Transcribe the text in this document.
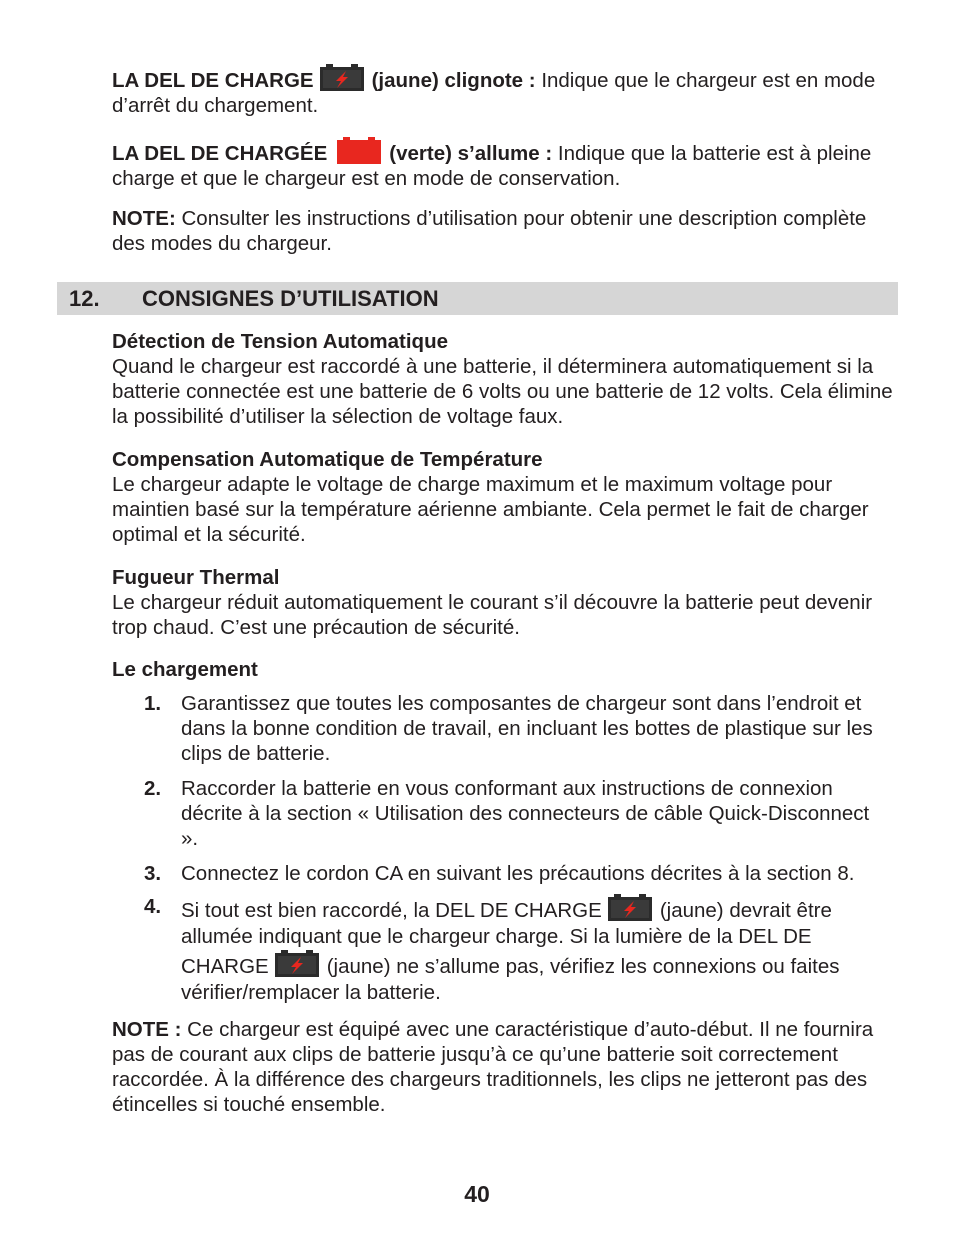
LA DEL DE CHARGE	(jaune) clignote : Indique que le chargeur est en mode d’arrêt du chargement.

LA DEL DE CHARGÉE	(verte) s’allume : Indique que la batterie est à pleine charge et que le chargeur est en mode de conservation.

NOTE: Consulter les instructions d’utilisation pour obtenir une description complète des modes du chargeur.

12. CONSIGNES D’UTILISATION

Détection de Tension Automatique

Quand le chargeur est raccordé à une batterie, il déterminera automatiquement si la batterie connectée est une batterie de 6 volts ou une batterie de 12 volts. Cela élimine la possibilité d’utiliser la sélection de voltage faux.

Compensation Automatique de Température

Le chargeur adapte le voltage de charge maximum et le maximum voltage pour maintien basé sur la température aérienne ambiante. Cela permet le fait de charger optimal et la sécurité.

Fugueur Thermal

Le chargeur réduit automatiquement le courant s’il découvre la batterie peut devenir trop chaud. C’est une précaution de sécurité.

Le chargement

1. Garantissez que toutes les composantes de chargeur sont dans l’endroit et dans la bonne condition de travail, en incluant les bottes de plastique sur les clips de batterie.
2. Raccorder la batterie en vous conformant aux instructions de connexion décrite à la section « Utilisation des connecteurs de câble Quick-Disconnect ».
3. Connectez le cordon CA en suivant les précautions décrites à la section 8.
4. Si tout est bien raccordé, la DEL DE CHARGE	(jaune) devrait être allumée indiquant que le chargeur charge. Si la lumière de la DEL DE CHARGE	(jaune) ne s’allume pas, vérifiez les connexions ou faites vérifier/remplacer la batterie.

NOTE : Ce chargeur est équipé avec une caractéristique d’auto-début. Il ne fournira pas de courant aux clips de batterie jusqu’à ce qu’une batterie soit correctement raccordée. À la différence des chargeurs traditionnels, les clips ne jetteront pas des étincelles si touché ensemble.

40
